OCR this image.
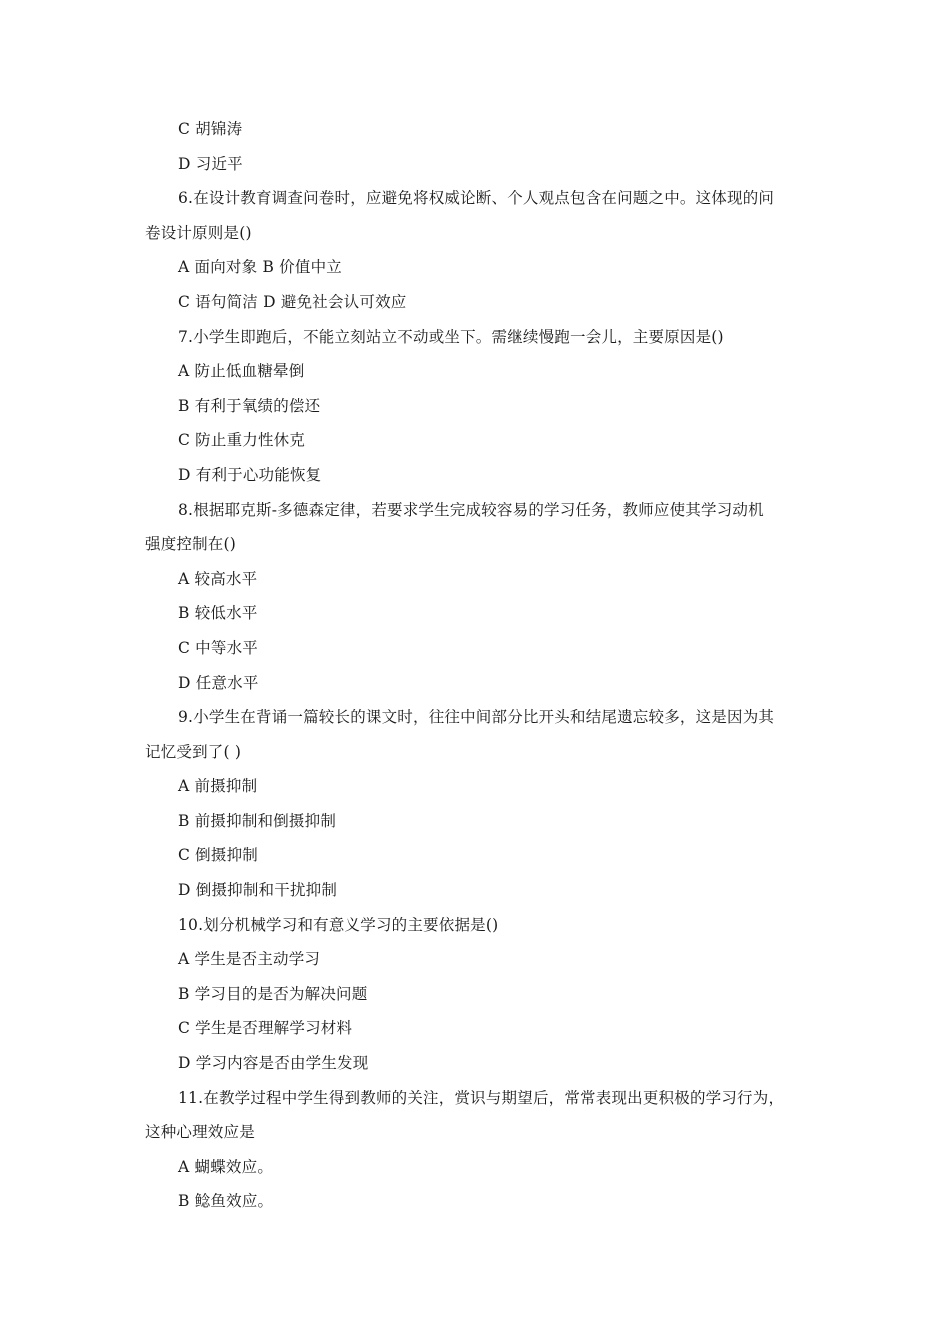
C 胡锦涛
D 习近平
6.在设计教育调查问卷时，应避免将权威论断、个人观点包含在问题之中。这体现的问
卷设计原则是()
A 面向对象 B 价值中立
C 语句简洁 D 避免社会认可效应
7.小学生即跑后，不能立刻站立不动或坐下。需继续慢跑一会儿，主要原因是()
A 防止低血糖晕倒
B 有利于氧绩的偿还
C 防止重力性休克
D 有利于心功能恢复
8.根据耶克斯-多德森定律，若要求学生完成较容易的学习任务，教师应使其学习动机
强度控制在()
A 较高水平
B 较低水平
C 中等水平
D 任意水平
9.小学生在背诵一篇较长的课文时，往往中间部分比开头和结尾遗忘较多，这是因为其
记忆受到了( )
A 前摄抑制
B 前摄抑制和倒摄抑制
C 倒摄抑制
D 倒摄抑制和干扰抑制
10.划分机械学习和有意义学习的主要依据是()
A 学生是否主动学习
B 学习目的是否为解决问题
C 学生是否理解学习材料
D 学习内容是否由学生发现
11.在教学过程中学生得到教师的关注，赏识与期望后，常常表现出更积极的学习行为，
这种心理效应是
A 蝴蝶效应。
B 鲶鱼效应。
